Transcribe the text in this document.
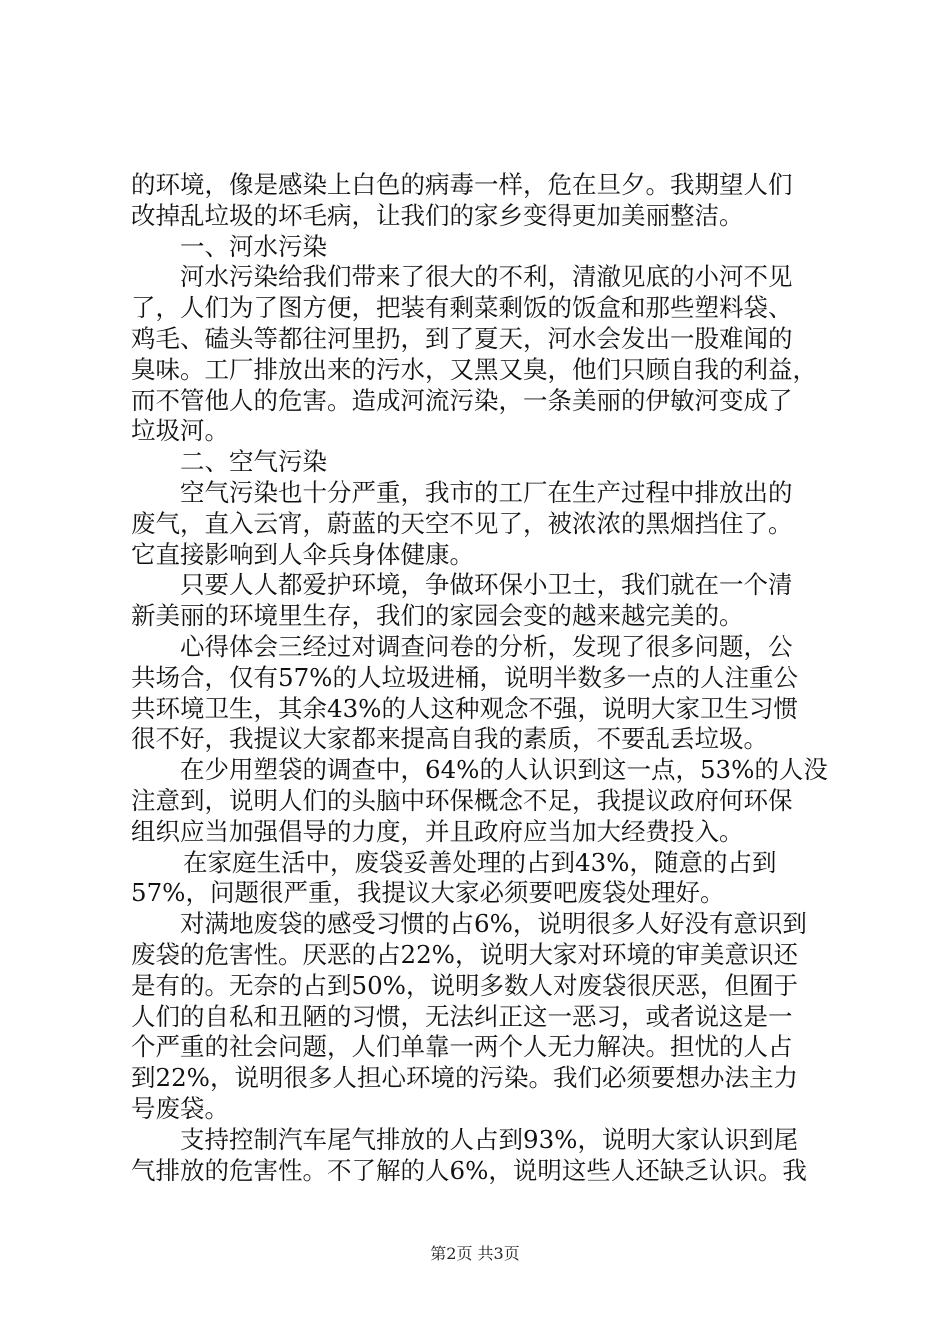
的环境，像是感染上白色的病毒一样，危在旦夕。我期望人们
改掉乱垃圾的坏毛病，让我们的家乡变得更加美丽整洁。
一、河水污染
河水污染给我们带来了很大的不利，清澈见底的小河不见
了，人们为了图方便，把装有剩菜剩饭的饭盒和那些塑料袋、
鸡毛、磕头等都往河里扔，到了夏天，河水会发出一股难闻的
臭味。工厂排放出来的污水，又黑又臭，他们只顾自我的利益，
而不管他人的危害。造成河流污染，一条美丽的伊敏河变成了
垃圾河。
二、空气污染
空气污染也十分严重，我市的工厂在生产过程中排放出的
废气，直入云宵，蔚蓝的天空不见了，被浓浓的黑烟挡住了。
它直接影响到人伞兵身体健康。
只要人人都爱护环境，争做环保小卫士，我们就在一个清
新美丽的环境里生存，我们的家园会变的越来越完美的。
心得体会三经过对调查问卷的分析，发现了很多问题，公
共场合，仅有57%的人垃圾进桶，说明半数多一点的人注重公
共环境卫生，其余43%的人这种观念不强，说明大家卫生习惯
很不好，我提议大家都来提高自我的素质，不要乱丢垃圾。
在少用塑袋的调查中，64%的人认识到这一点，53%的人没
注意到，说明人们的头脑中环保概念不足，我提议政府何环保
组织应当加强倡导的力度，并且政府应当加大经费投入。
在家庭生活中，废袋妥善处理的占到43%，随意的占到
57%，问题很严重，我提议大家必须要吧废袋处理好。
对满地废袋的感受习惯的占6%，说明很多人好没有意识到
废袋的危害性。厌恶的占22%，说明大家对环境的审美意识还
是有的。无奈的占到50%，说明多数人对废袋很厌恶，但囿于
人们的自私和丑陋的习惯，无法纠正这一恶习，或者说这是一
个严重的社会问题，人们单靠一两个人无力解决。担忧的人占
到22%，说明很多人担心环境的污染。我们必须要想办法主力
号废袋。
支持控制汽车尾气排放的人占到93%，说明大家认识到尾
气排放的危害性。不了解的人6%，说明这些人还缺乏认识。我
第2页 共3页
